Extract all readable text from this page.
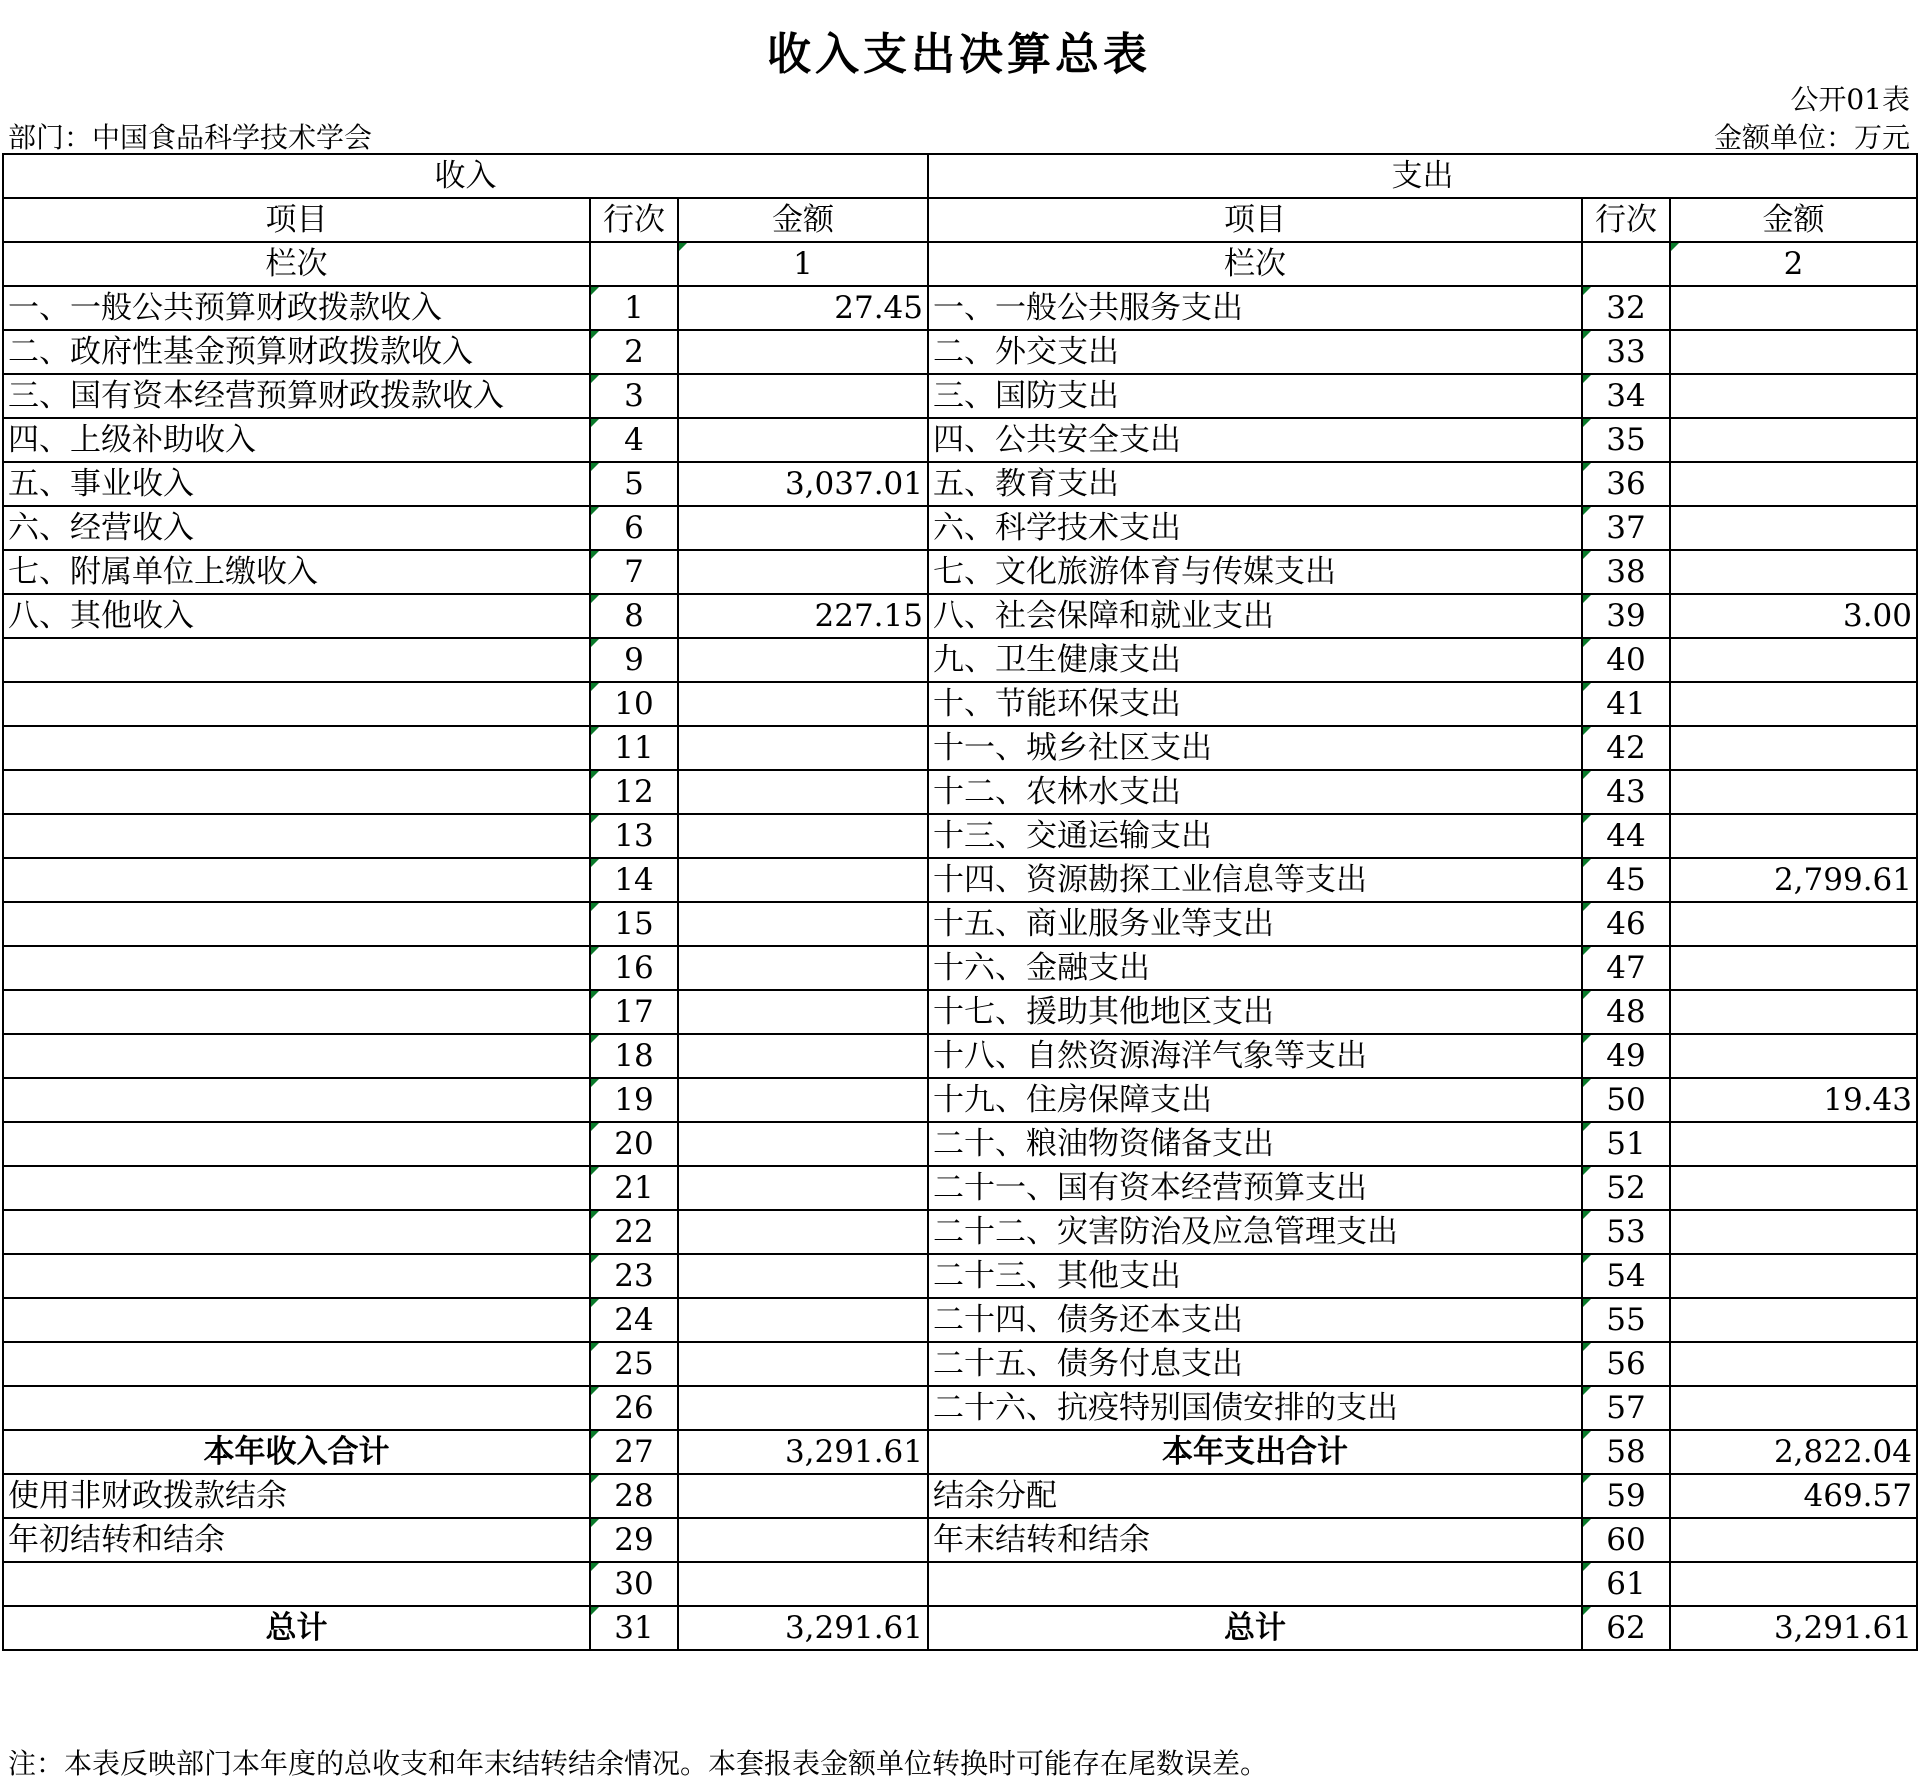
收入支出决算总表
公开01表
部门：中国食品科学技术学会	金额单位：万元
收入			支出		
项目	行次	金额	项目	行次	金额
栏次		1	栏次		2
一、一般公共预算财政拨款收入	1	27.45	一、一般公共服务支出	32	
二、政府性基金预算财政拨款收入	2		二、外交支出	33	
三、国有资本经营预算财政拨款收入	3		三、国防支出	34	
四、上级补助收入	4		四、公共安全支出	35	
五、事业收入	5	3,037.01	五、教育支出	36	
六、经营收入	6		六、科学技术支出	37	
七、附属单位上缴收入	7		七、文化旅游体育与传媒支出	38	
八、其他收入	8	227.15	八、社会保障和就业支出	39	3.00
	9		九、卫生健康支出	40	
	10		十、节能环保支出	41	
	11		十一、城乡社区支出	42	
	12		十二、农林水支出	43	
	13		十三、交通运输支出	44	
	14		十四、资源勘探工业信息等支出	45	2,799.61
	15		十五、商业服务业等支出	46	
	16		十六、金融支出	47	
	17		十七、援助其他地区支出	48	
	18		十八、自然资源海洋气象等支出	49	
	19		十九、住房保障支出	50	19.43
	20		二十、粮油物资储备支出	51	
	21		二十一、国有资本经营预算支出	52	
	22		二十二、灾害防治及应急管理支出	53	
	23		二十三、其他支出	54	
	24		二十四、债务还本支出	55	
	25		二十五、债务付息支出	56	
	26		二十六、抗疫特别国债安排的支出	57	
本年收入合计	27	3,291.61	本年支出合计	58	2,822.04
使用非财政拨款结余	28		结余分配	59	469.57
年初结转和结余	29		年末结转和结余	60	
	30			61	
总计	31	3,291.61	总计	62	3,291.61
注：本表反映部门本年度的总收支和年末结转结余情况。本套报表金额单位转换时可能存在尾数误差。
